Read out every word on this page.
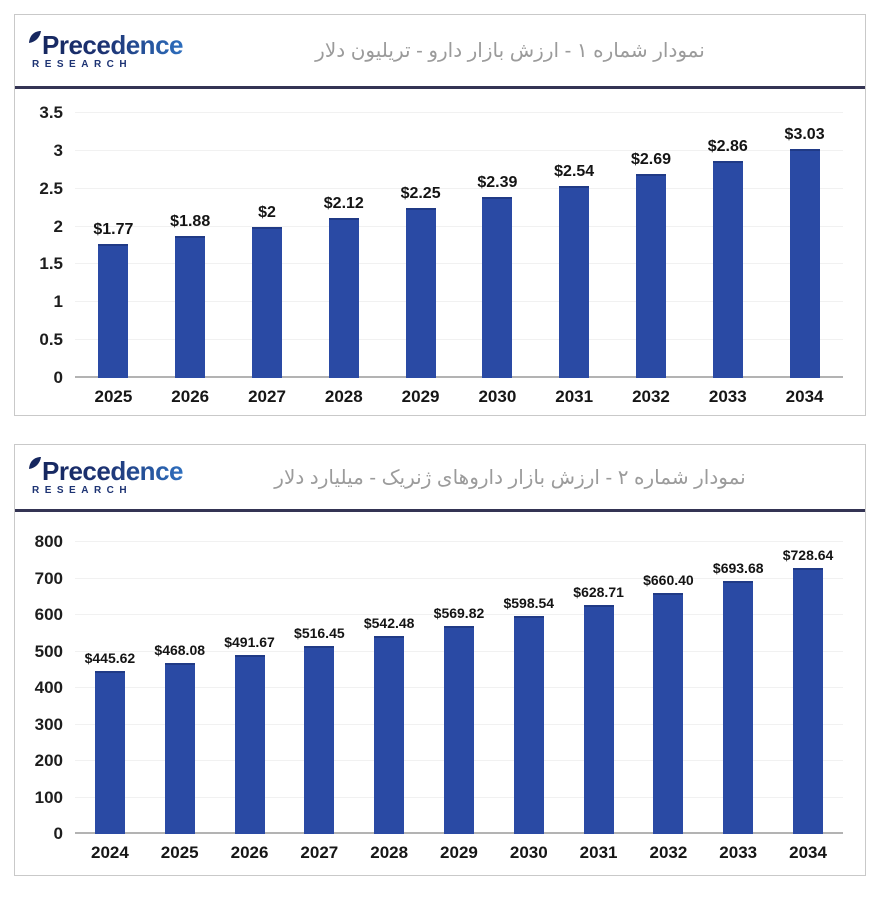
Precedence
RESEARCH
نمودار شماره ۱ - ارزش بازار دارو - تریلیون دلار
3.5
3
2.5
2
1.5
1
0.5
0
$1.77 $1.88
$2
$2.12
$2.25
$2.39
$2.54
$2.69
$2.86
$3.03
2025	2026	2027	2028	2029	2030	2031	2032	2033	2034
Precedence
RESEARCH
نمودار شماره ۲ - ارزش بازار داروهای ژنریک - میلیارد دلار
800
700
600
500
400
300
200
100
0
$445.62
$468.08
$491.67
$516.45
$542.48
$569.82
$598.54
$628.71
$660.40
$693.68
$728.64
2024	2025	2026	2027	2028	2029	2030	2031	2032	2033	2034
